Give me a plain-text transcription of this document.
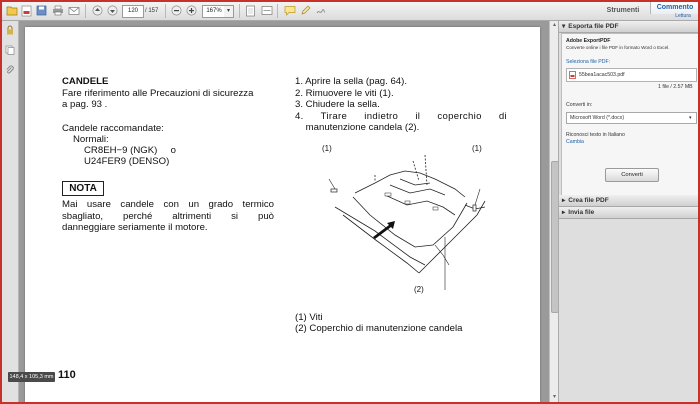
120	/ 157	167% ▾	Strumenti	Commento
Lettura
CANDELE
Fare riferimento alle Precauzioni di sicurezza
a pag. 93 .
Candele raccomandate:
Normali:
CR8EH−9 (NGK)     o
U24FER9 (DENSO)
NOTA
Mai usare candele con un grado termico
sbagliato, perché altrimenti si può
danneggiare seriamente il motore.
1. Aprire la sella (pag. 64).
2. Rimuovere le viti (1).
3. Chiudere la sella.
4. Tirare indietro il coperchio di
manutenzione candela (2).
(1)	(1)
(2)
(1) Viti
(2) Coperchio di manutenzione candela
110
148,4 x 105,3 mm
▴
▾
▾ Esporta file PDF
Adobe ExportPDF
Converte online i file PDF in formato Word o Excel.
Seleziona file PDF:
55bea1acac503.pdf
1 file / 2.57 MB
Converti in:
Microsoft Word (*.docx)	▾
Riconosci testo in Italiano
Cambia
Converti
▸ Crea file PDF
▸ Invia file
